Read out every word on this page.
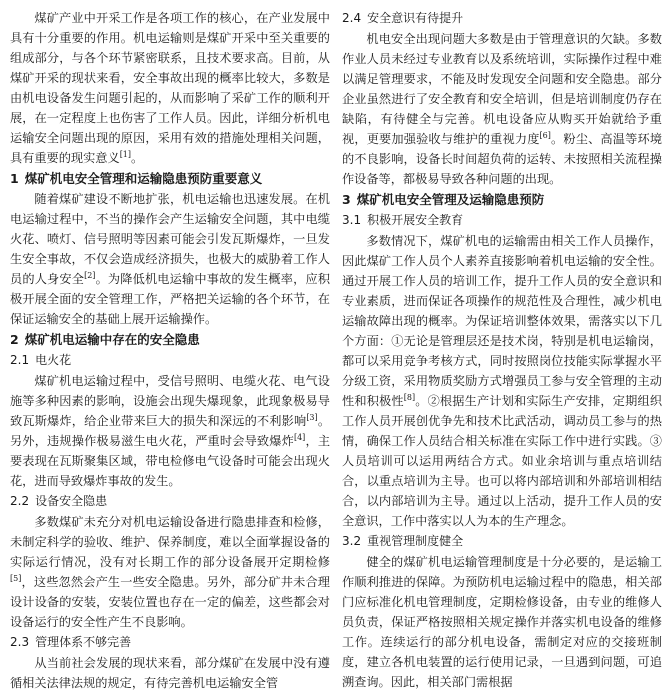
煤矿产业中开采工作是各项工作的核心，在产业发展中具有十分重要的作用。机电运输则是煤矿开采中至关重要的组成部分，与各个环节紧密联系，且技术要求高。目前，从煤矿开采的现状来看，安全事故出现的概率比较大，多数是由机电设备发生问题引起的，从而影响了采矿工作的顺利开展，在一定程度上也伤害了工作人员。因此，详细分析机电运输安全问题出现的原因，采用有效的措施处理相关问题，具有重要的现实意义[1]。

1 煤矿机电安全管理和运输隐患预防重要意义

随着煤矿建设不断地扩张，机电运输也迅速发展。在机电运输过程中，不当的操作会产生运输安全问题，其中电缆火花、喷灯、信号照明等因素可能会引发瓦斯爆炸，一旦发生安全事故，不仅会造成经济损失，也极大的威胁着工作人员的人身安全[2]。为降低机电运输中事故的发生概率，应积极开展全面的安全管理工作，严格把关运输的各个环节，在保证运输安全的基础上展开运输操作。

2 煤矿机电运输中存在的安全隐患
2.1 电火花

煤矿机电运输过程中，受信号照明、电缆火花、电气设施等多种因素的影响，设施会出现失爆现象，此现象极易导致瓦斯爆炸，给企业带来巨大的损失和深远的不利影响[3]。另外，违规操作极易滋生电火花，严重时会导致爆炸[4]，主要表现在瓦斯聚集区域，带电检修电气设备时可能会出现火花，进而导致爆炸事故的发生。

2.2 设备安全隐患

多数煤矿未充分对机电运输设备进行隐患排查和检修，未制定科学的验收、维护、保养制度，难以全面掌握设备的实际运行情况，没有对长期工作的部分设备展开定期检修[5]，这些忽然会产生一些安全隐患。另外，部分矿井未合理设计设备的安装，安装位置也存在一定的偏差，这些都会对设备运行的安全性产生不良影响。

2.3 管理体系不够完善

从当前社会发展的现状来看，部分煤矿在发展中没有遵循相关法律法规的规定，有待完善机电运输安全管

2.4 安全意识有待提升

机电安全出现问题大多数是由于管理意识的欠缺。多数作业人员未经过专业教育以及系统培训，实际操作过程中难以满足管理要求，不能及时发现安全问题和安全隐患。部分企业虽然进行了安全教育和安全培训，但是培训制度仍存在缺陷，有待健全与完善。机电设备应从购买开始就给予重视，更要加强验收与维护的重视力度[6]。粉尘、高温等环境的不良影响，设备长时间超负荷的运转、未按照相关流程操作设备等，都极易导致各种问题的出现。

3 煤矿机电安全管理及运输隐患预防
3.1 积极开展安全教育

多数情况下，煤矿机电的运输需由相关工作人员操作，因此煤矿工作人员个人素养直接影响着机电运输的安全性。通过开展工作人员的培训工作，提升工作人员的安全意识和专业素质，进而保证各项操作的规范性及合理性，减少机电运输故障出现的概率。为保证培训整体效果，需落实以下几个方面：①无论是管理层还是技术岗，特别是机电运输岗，都可以采用竞争考核方式，同时按照岗位技能实际掌握水平分级工资，采用物质奖励方式增强员工参与安全管理的主动性和积极性[8]。②根据生产计划和实际生产安排，定期组织工作人员开展创优争先和技术比武活动，调动员工参与的热情，确保工作人员结合相关标准在实际工作中进行实践。③人员培训可以运用两结合方式。如业余培训与重点培训结合，以重点培训为主导。也可以将内部培训和外部培训相结合，以内部培训为主导。通过以上活动，提升工作人员的安全意识，工作中落实以人为本的生产理念。

3.2 重视管理制度健全

健全的煤矿机电运输管理制度是十分必要的，是运输工作顺利推进的保障。为预防机电运输过程中的隐患，相关部门应标准化机电管理制度，定期检修设备，由专业的维修人员负责，保证严格按照相关规定操作并落实机电设备的维修工作。连续运行的部分机电设备，需制定对应的交接班制度，建立各机电装置的运行使用记录，一旦遇到问题，可追溯查询。因此，相关部门需根据
